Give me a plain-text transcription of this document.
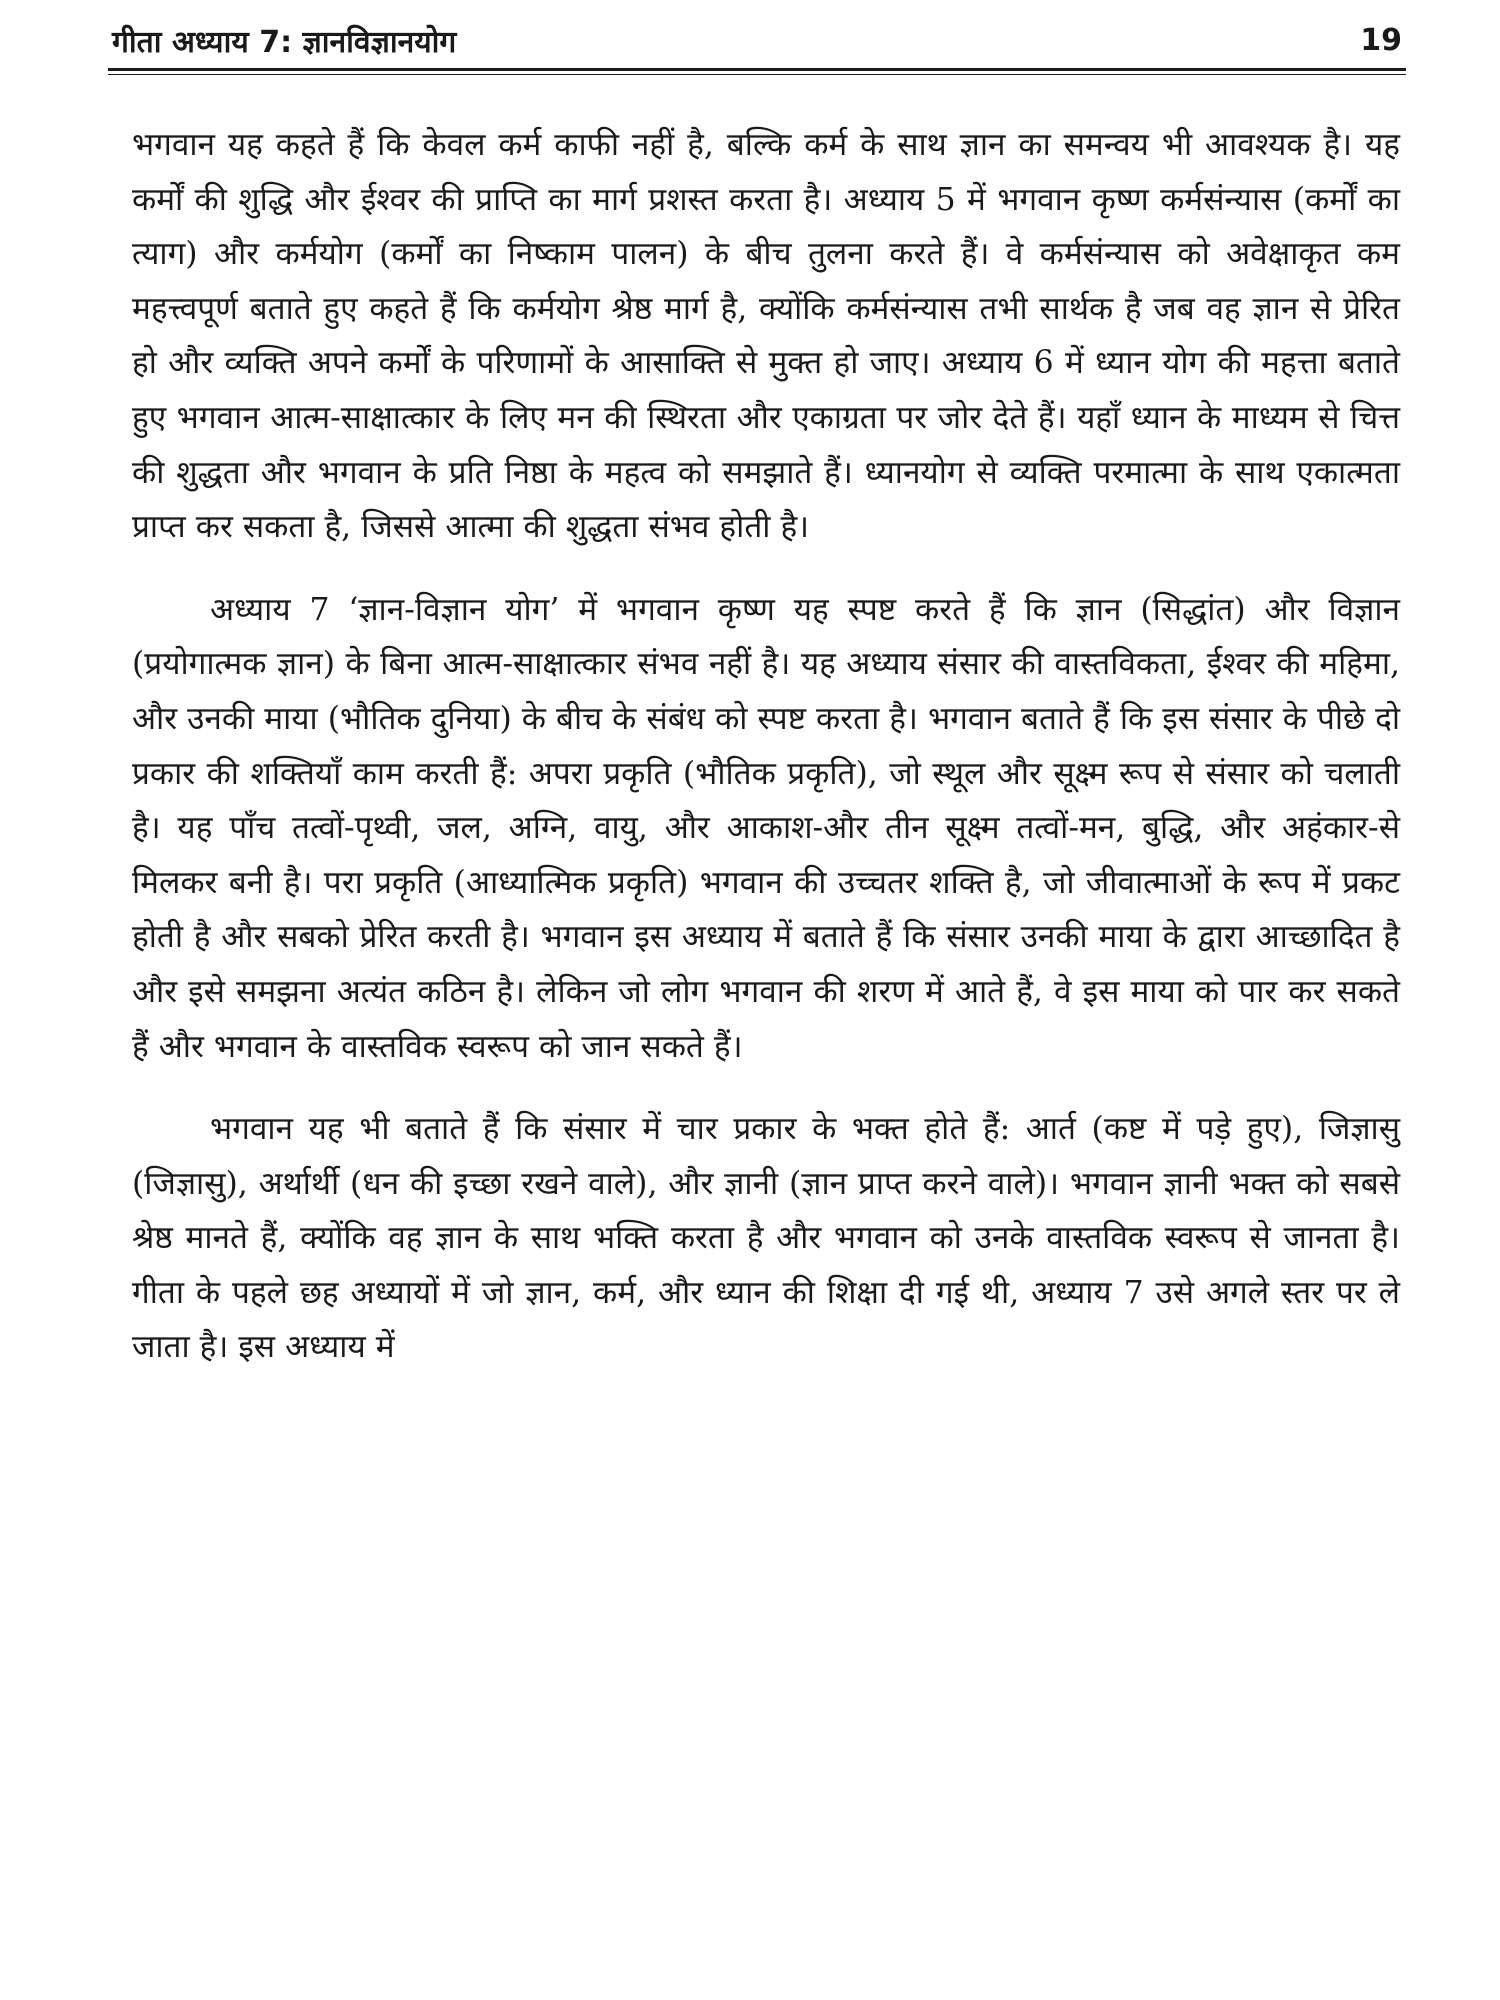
गीता अध्याय 7: ज्ञानविज्ञानयोग	19

भगवान यह कहते हैं कि केवल कर्म काफी नहीं है, बल्कि कर्म के साथ ज्ञान का समन्वय भी आवश्यक है। यह कर्मों की शुद्धि और ईश्वर की प्राप्ति का मार्ग प्रशस्त करता है। अध्याय 5 में भगवान कृष्ण कर्मसंन्यास (कर्मों का त्याग) और कर्मयोग (कर्मों का निष्काम पालन) के बीच तुलना करते हैं। वे कर्मसंन्यास को अवेक्षाकृत कम महत्त्वपूर्ण बताते हुए कहते हैं कि कर्मयोग श्रेष्ठ मार्ग है, क्योंकि कर्मसंन्यास तभी सार्थक है जब वह ज्ञान से प्रेरित हो और व्यक्ति अपने कर्मों के परिणामों के आसाक्ति से मुक्त हो जाए। अध्याय 6 में ध्यान योग की महत्ता बताते हुए भगवान आत्म-साक्षात्कार के लिए मन की स्थिरता और एकाग्रता पर जोर देते हैं। यहाँ ध्यान के माध्यम से चित्त की शुद्धता और भगवान के प्रति निष्ठा के महत्व को समझाते हैं। ध्यानयोग से व्यक्ति परमात्मा के साथ एकात्मता प्राप्त कर सकता है, जिससे आत्मा की शुद्धता संभव होती है।

अध्याय 7 ‘ज्ञान-विज्ञान योग’ में भगवान कृष्ण यह स्पष्ट करते हैं कि ज्ञान (सिद्धांत) और विज्ञान (प्रयोगात्मक ज्ञान) के बिना आत्म-साक्षात्कार संभव नहीं है। यह अध्याय संसार की वास्तविकता, ईश्वर की महिमा, और उनकी माया (भौतिक दुनिया) के बीच के संबंध को स्पष्ट करता है। भगवान बताते हैं कि इस संसार के पीछे दो प्रकार की शक्तियाँ काम करती हैं: अपरा प्रकृति (भौतिक प्रकृति), जो स्थूल और सूक्ष्म रूप से संसार को चलाती है। यह पाँच तत्वों-पृथ्वी, जल, अग्नि, वायु, और आकाश-और तीन सूक्ष्म तत्वों-मन, बुद्धि, और अहंकार-से मिलकर बनी है। परा प्रकृति (आध्यात्मिक प्रकृति) भगवान की उच्चतर शक्ति है, जो जीवात्माओं के रूप में प्रकट होती है और सबको प्रेरित करती है। भगवान इस अध्याय में बताते हैं कि संसार उनकी माया के द्वारा आच्छादित है और इसे समझना अत्यंत कठिन है। लेकिन जो लोग भगवान की शरण में आते हैं, वे इस माया को पार कर सकते हैं और भगवान के वास्तविक स्वरूप को जान सकते हैं।

भगवान यह भी बताते हैं कि संसार में चार प्रकार के भक्त होते हैं: आर्त (कष्ट में पड़े हुए), जिज्ञासु (जिज्ञासु), अर्थार्थी (धन की इच्छा रखने वाले), और ज्ञानी (ज्ञान प्राप्त करने वाले)। भगवान ज्ञानी भक्त को सबसे श्रेष्ठ मानते हैं, क्योंकि वह ज्ञान के साथ भक्ति करता है और भगवान को उनके वास्तविक स्वरूप से जानता है। गीता के पहले छह अध्यायों में जो ज्ञान, कर्म, और ध्यान की शिक्षा दी गई थी, अध्याय 7 उसे अगले स्तर पर ले जाता है। इस अध्याय में
